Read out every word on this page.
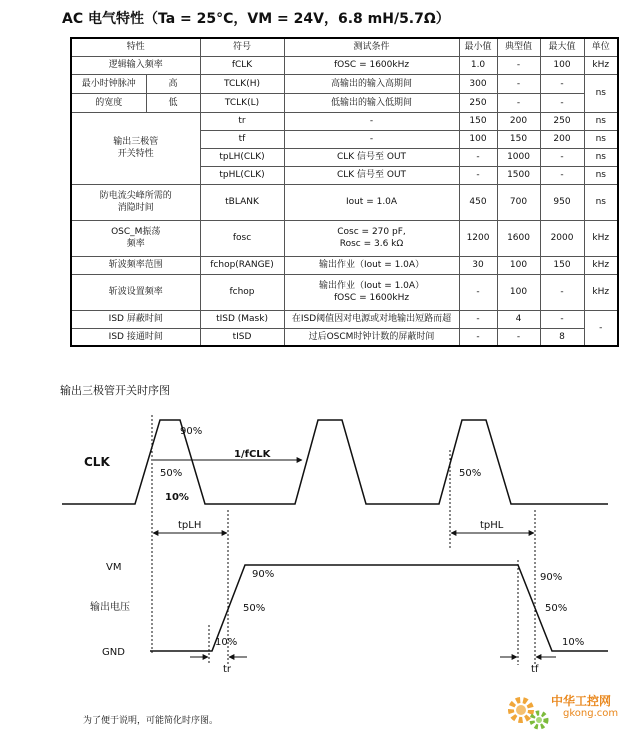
AC 电气特性（Ta = 25°C，VM = 24V，6.8 mH/5.7Ω）
特性		符号	测试条件	最小值	典型值	最大值	单位
逻辑输入频率		fCLK	fOSC = 1600kHz	1.0	-	100	kHz
最小时钟脉冲	高	TCLK(H)	高输出的输入高期间	300	-	-	ns
的宽度	低	TCLK(L)	低输出的输入低期间	250	-	-	
输出三极管
开关特性		tr	-	150	200	250	ns
		tf	-	100	150	200	ns
		tpLH(CLK)	CLK 信号至 OUT	-	1000	-	ns
		tpHL(CLK)	CLK 信号至 OUT	-	1500	-	ns
防电流尖峰所需的
消隐时间		tBLANK	Iout = 1.0A	450	700	950	ns
OSC_M振荡
频率		fosc	Cosc = 270 pF,
Rosc = 3.6 kΩ	1200	1600	2000	kHz
斩波频率范围		fchop(RANGE)	输出作业（Iout = 1.0A）	30	100	150	kHz
斩波设置频率		fchop	输出作业（Iout = 1.0A）
fOSC = 1600kHz	-	100	-	kHz
ISD 屏蔽时间		tISD (Mask)	在ISD阈值因对电源或对地输出短路而超	-	4	-	-
ISD 接通时间		tISD	过后OSCM时钟计数的屏蔽时间	-	-	8	
输出三极管开关时序图
CLK
90%
50%
10%
1/fCLK
50%
tpLH	tpHL
VM
输出电压
GND
90%
50%
10%
90%
50%
10%
tr	tf
为了便于说明，可能简化时序图。
中华工控网
gkong.com
